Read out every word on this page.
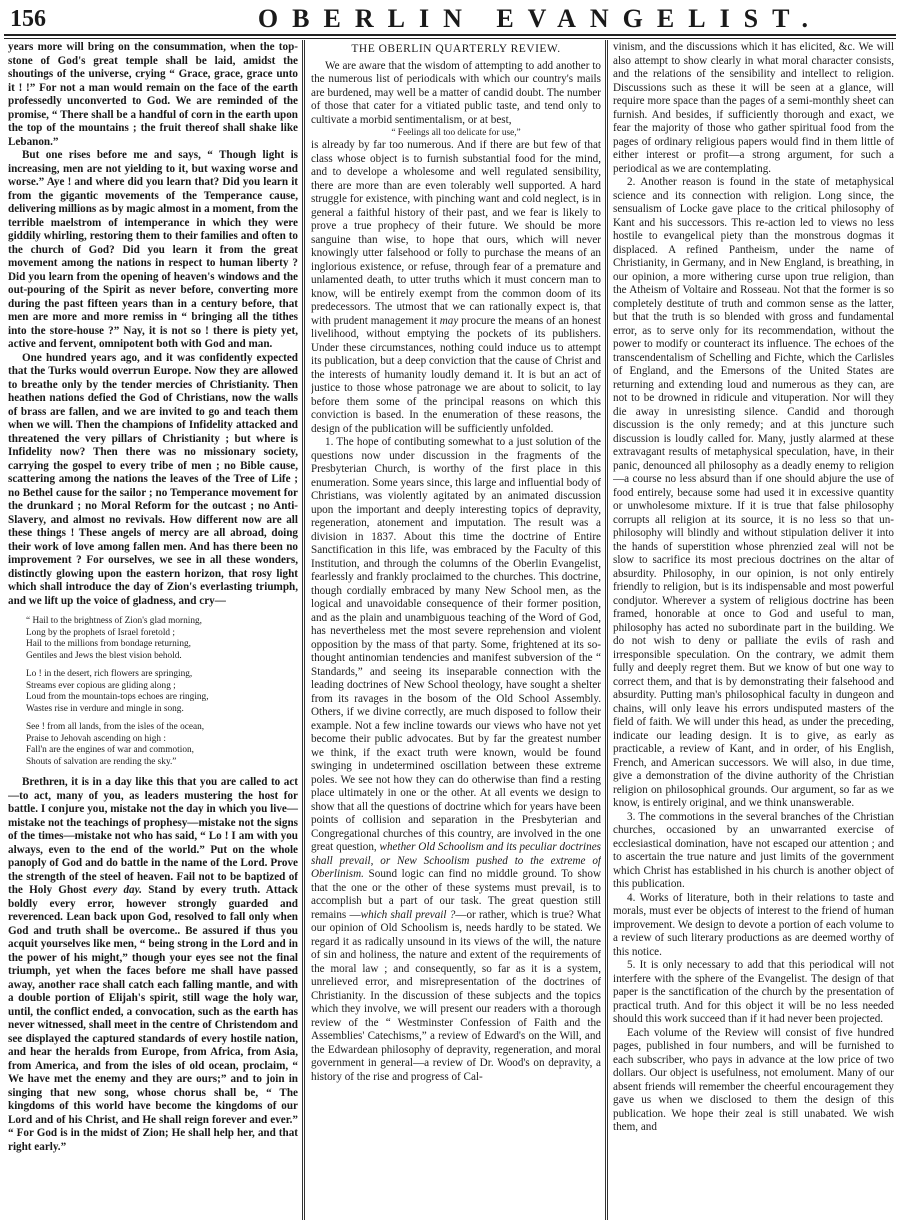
156	OBERLIN EVANGELIST.

years more will bring on the consummation, when the top-stone of God's great temple shall be laid, amidst the shoutings of the universe, crying “ Grace, grace, grace unto it ! !” For not a man would remain on the face of the earth professedly unconverted to God. We are reminded of the promise, “ There shall be a handful of corn in the earth upon the top of the mountains ; the fruit thereof shall shake like Lebanon.”

But one rises before me and says, “ Though light is increasing, men are not yielding to it, but waxing worse and worse.” Aye ! and where did you learn that? Did you learn it from the gigantic movements of the Temperance cause, delivering millions as by magic almost in a moment, from the terrible maelstrom of intemperance in which they were giddily whirling, restoring them to their families and often to the church of God? Did you learn it from the great movement among the nations in respect to human liberty ? Did you learn from the opening of heaven's windows and the out-pouring of the Spirit as never before, converting more during the past fifteen years than in a century before, that men are more and more remiss in “ bringing all the tithes into the store-house ?” Nay, it is not so ! there is piety yet, active and fervent, omnipotent both with God and man.

One hundred years ago, and it was confidently expected that the Turks would overrun Europe. Now they are allowed to breathe only by the tender mercies of Christianity. Then heathen nations defied the God of Christians, now the walls of brass are fallen, and we are invited to go and teach them when we will. Then the champions of Infidelity attacked and threatened the very pillars of Christianity ; but where is Infidelity now? Then there was no missionary society, carrying the gospel to every tribe of men ; no Bible cause, scattering among the nations the leaves of the Tree of Life ; no Bethel cause for the sailor ; no Temperance movement for the drunkard ; no Moral Reform for the outcast ; no Anti-Slavery, and almost no revivals. How different now are all these things ! These angels of mercy are all abroad, doing their work of love among fallen men. And has there been no improvement ? For ourselves, we see in all these wonders, distinctly glowing upon the eastern horizon, that rosy light which shall introduce the day of Zion's everlasting triumph, and we lift up the voice of gladness, and cry—

“ Hail to the brightness of Zion's glad morning,
Long by the prophets of Israel foretold ;
Hail to the millions from bondage returning,
Gentiles and Jews the blest vision behold.
Lo ! in the desert, rich flowers are springing,
Streams ever copious are gliding along ;
Loud from the mountain-tops echoes are ringing,
Wastes rise in verdure and mingle in song.
See ! from all lands, from the isles of the ocean,
Praise to Jehovah ascending on high :
Fall'n are the engines of war and commotion,
Shouts of salvation are rending the sky.”

Brethren, it is in a day like this that you are called to act—to act, many of you, as leaders mustering the host for battle. I conjure you, mistake not the day in which you live—mistake not the teachings of prophesy—mistake not the signs of the times—mistake not who has said, “ Lo ! I am with you always, even to the end of the world.” Put on the whole panoply of God and do battle in the name of the Lord. Prove the strength of the steel of heaven. Fail not to be baptized of the Holy Ghost every day. Stand by every truth. Attack boldly every error, however strongly guarded and reverenced. Lean back upon God, resolved to fall only when God and truth shall be overcome.. Be assured if thus you acquit yourselves like men, “ being strong in the Lord and in the power of his might,” though your eyes see not the final triumph, yet when the faces before me shall have passed away, another race shall catch each falling mantle, and with a double portion of Elijah's spirit, still wage the holy war, until, the conflict ended, a convocation, such as the earth has never witnessed, shall meet in the centre of Christendom and see displayed the captured standards of every hostile nation, and hear the heralds from Europe, from Africa, from Asia, from America, and from the isles of old ocean, proclaim, “ We have met the enemy and they are ours;” and to join in singing that new song, whose chorus shall be, “ The kingdoms of this world have become the kingdoms of our Lord and of his Christ, and He shall reign forever and ever.” “ For God is in the midst of Zion; He shall help her, and that right early.”

THE OBERLIN QUARTERLY REVIEW.

We are aware that the wisdom of attempting to add another to the numerous list of periodicals with which our country's mails are burdened, may well be a matter of candid doubt. The number of those that cater for a vitiated public taste, and tend only to cultivate a morbid sentimentalism, or at best,

“ Feelings all too delicate for use,”

is already by far too numerous. And if there are but few of that class whose object is to furnish substantial food for the mind, and to develope a wholesome and well regulated sensibility, there are more than are even tolerably well supported. A hard struggle for existence, with pinching want and cold neglect, is in general a faithful history of their past, and we fear is likely to prove a true prophecy of their future. We should be more sanguine than wise, to hope that ours, which will never knowingly utter falsehood or folly to purchase the means of an inglorious existence, or refuse, through fear of a premature and unlamented death, to utter truths which it must concern man to know, will be entirely exempt from the common doom of its predecessors. The utmost that we can rationally expect is, that with prudent management it may procure the means of an honest livelihood, without emptying the pockets of its publishers. Under these circumstances, nothing could induce us to attempt its publication, but a deep conviction that the cause of Christ and the interests of humanity loudly demand it. It is but an act of justice to those whose patronage we are about to solicit, to lay before them some of the principal reasons on which this conviction is based. In the enumeration of these reasons, the design of the publication will be sufficiently unfolded.

1. The hope of contibuting somewhat to a just solution of the questions now under discussion in the fragments of the Presbyterian Church, is worthy of the first place in this enumeration. Some years since, this large and influential body of Christians, was violently agitated by an animated discussion upon the important and deeply interesting topics of depravity, regeneration, atonement and imputation. The result was a division in 1837. About this time the doctrine of Entire Sanctification in this life, was embraced by the Faculty of this Institution, and through the columns of the Oberlin Evangelist, fearlessly and frankly proclaimed to the churches. This doctrine, though cordially embraced by many New School men, as the logical and unavoidable consequence of their former position, and as the plain and unambiguous teaching of the Word of God, has nevertheless met the most severe reprehension and violent opposition by the mass of that party. Some, frightened at its so-thought antinomian tendencies and manifest subversion of the “ Standards,” and seeing its inseparable connection with the leading doctrines of New School theology, have sought a shelter from its ravages in the bosom of the Old School Assembly. Others, if we divine correctly, are much disposed to follow their example. Not a few incline towards our views who have not yet become their public advocates. But by far the greatest number we think, if the exact truth were known, would be found swinging in undetermined oscillation between these extreme poles. We see not how they can do otherwise than find a resting place ultimately in one or the other. At all events we design to show that all the questions of doctrine which for years have been points of collision and separation in the Presbyterian and Congregational churches of this country, are involved in the one great question, whether Old Schoolism and its peculiar doctrines shall prevail, or New Schoolism pushed to the extreme of Oberlinism. Sound logic can find no middle ground. To show that the one or the other of these systems must prevail, is to accomplish but a part of our task. The great question still remains —which shall prevail ?—or rather, which is true? What our opinion of Old Schoolism is, needs hardly to be stated. We regard it as radically unsound in its views of the will, the nature of sin and holiness, the nature and extent of the requirements of the moral law ; and consequently, so far as it is a system, unrelieved error, and misrepresentation of the doctrines of Christianity. In the discussion of these subjects and the topics which they involve, we will present our readers with a thorough review of the “ Westminster Confession of Faith and the Assemblies' Catechisms,” a review of Edward's on the Will, and the Edwardean philosophy of depravity, regeneration, and moral government in general—a review of Dr. Wood's on depravity, a history of the rise and progress of Cal-

vinism, and the discussions which it has elicited, &c. We will also attempt to show clearly in what moral character consists, and the relations of the sensibility and intellect to religion. Discussions such as these it will be seen at a glance, will require more space than the pages of a semi-monthly sheet can furnish. And besides, if sufficiently thorough and exact, we fear the majority of those who gather spiritual food from the pages of ordinary religious papers would find in them little of either interest or profit—a strong argument, for such a periodical as we are contemplating.

2. Another reason is found in the state of metaphysical science and its connection with religion. Long since, the sensualism of Locke gave place to the critical philosophy of Kant and his successors. This re-action led to views no less hostile to evangelical piety than the monstrous dogmas it displaced. A refined Pantheism, under the name of Christianity, in Germany, and in New England, is breathing, in our opinion, a more withering curse upon true religion, than the Atheism of Voltaire and Rosseau. Not that the former is so completely destitute of truth and common sense as the latter, but that the truth is so blended with gross and fundamental error, as to serve only for its recommendation, without the power to modify or counteract its influence. The echoes of the transcendentalism of Schelling and Fichte, which the Carlisles of England, and the Emersons of the United States are returning and extending loud and numerous as they can, are not to be drowned in ridicule and vituperation. Nor will they die away in unresisting silence. Candid and thorough discussion is the only remedy; and at this juncture such discussion is loudly called for. Many, justly alarmed at these extravagant results of metaphysical speculation, have, in their panic, denounced all philosophy as a deadly enemy to religion—a course no less absurd than if one should abjure the use of food entirely, because some had used it in excessive quantity or unwholesome mixture. If it is true that false philosophy corrupts all religion at its source, it is no less so that un-philosophy will blindly and without stipulation deliver it into the hands of superstition whose phrenzied zeal will not be slow to sacrifice its most precious doctrines on the altar of absurdity. Philosophy, in our opinion, is not only entirely friendly to religion, but is its indispensable and most powerful condjutor. Wherever a system of religious doctrine has been framed, honorable at once to God and useful to man, philosophy has acted no subordinate part in the building. We do not wish to deny or palliate the evils of rash and irresponsible speculation. On the contrary, we admit them fully and deeply regret them. But we know of but one way to correct them, and that is by demonstrating their falsehood and absurdity. Putting man's philosophical faculty in dungeon and chains, will only leave his errors undisputed masters of the field of faith. We will under this head, as under the preceding, indicate our leading design. It is to give, as early as practicable, a review of Kant, and in order, of his English, French, and American successors. We will also, in due time, give a demonstration of the divine authority of the Christian religion on philosophical grounds. Our argument, so far as we know, is entirely original, and we think unanswerable.

3. The commotions in the several branches of the Christian churches, occasioned by an unwarranted exercise of ecclesiastical domination, have not escaped our attention ; and to ascertain the true nature and just limits of the government which Christ has established in his church is another object of this publication.

4. Works of literature, both in their relations to taste and morals, must ever be objects of interest to the friend of human improvement. We design to devote a portion of each volume to a review of such literary productions as are deemed worthy of this notice.

5. It is only necessary to add that this periodical will not interfere with the sphere of the Evangelist. The design of that paper is the sanctification of the church by the presentation of practical truth. And for this object it will be no less needed should this work succeed than if it had never been projected.

Each volume of the Review will consist of five hundred pages, published in four numbers, and will be furnished to each subscriber, who pays in advance at the low price of two dollars. Our object is usefulness, not emolument. Many of our absent friends will remember the cheerful encouragement they gave us when we disclosed to them the design of this publication. We hope their zeal is still unabated. We wish them, and
